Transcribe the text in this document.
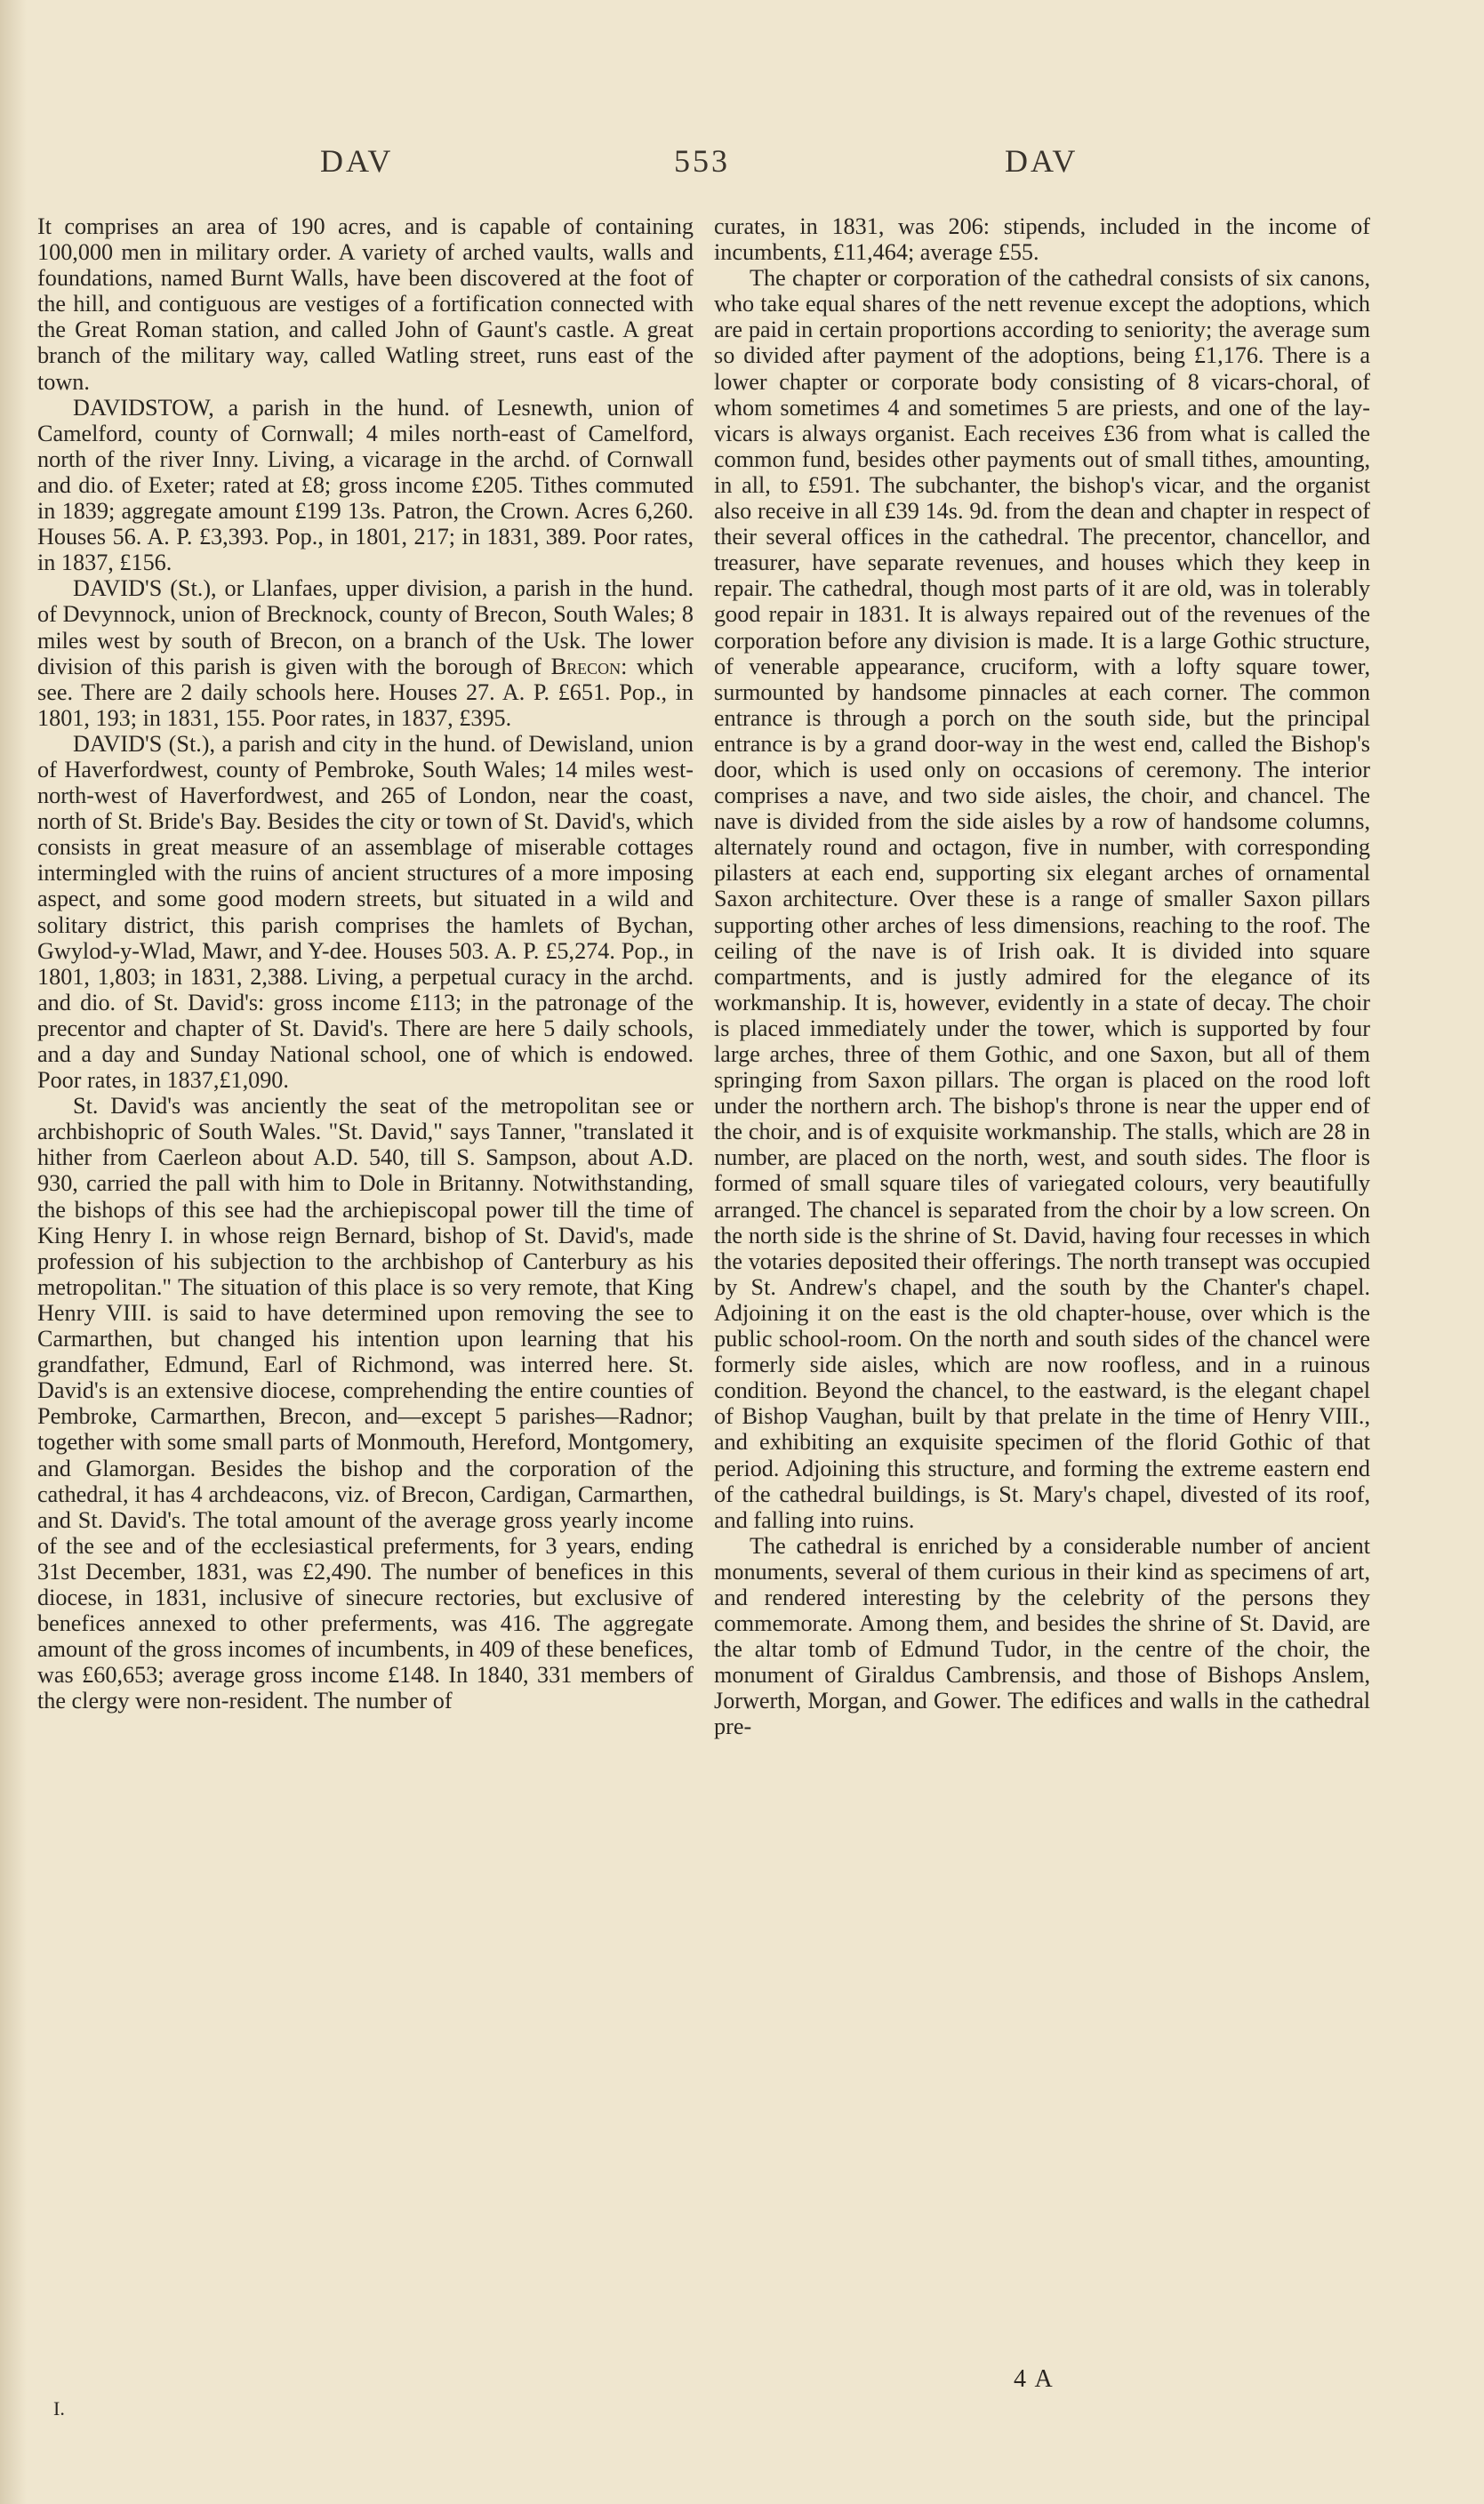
DAV	553	DAV

It comprises an area of 190 acres, and is capable of containing 100,000 men in military order. A variety of arched vaults, walls and foundations, named Burnt Walls, have been discovered at the foot of the hill, and contiguous are vestiges of a fortification connected with the Great Roman station, and called John of Gaunt's castle. A great branch of the military way, called Watling street, runs east of the town.

DAVIDSTOW, a parish in the hund. of Lesnewth, union of Camelford, county of Cornwall; 4 miles north-east of Camelford, north of the river Inny. Living, a vicarage in the archd. of Cornwall and dio. of Exeter; rated at £8; gross income £205. Tithes commuted in 1839; aggregate amount £199 13s. Patron, the Crown. Acres 6,260. Houses 56. A. P. £3,393. Pop., in 1801, 217; in 1831, 389. Poor rates, in 1837, £156.

DAVID'S (St.), or Llanfaes, upper division, a parish in the hund. of Devynnock, union of Brecknock, county of Brecon, South Wales; 8 miles west by south of Brecon, on a branch of the Usk. The lower division of this parish is given with the borough of Brecon: which see. There are 2 daily schools here. Houses 27. A. P. £651. Pop., in 1801, 193; in 1831, 155. Poor rates, in 1837, £395.

DAVID'S (St.), a parish and city in the hund. of Dewisland, union of Haverfordwest, county of Pembroke, South Wales; 14 miles west-north-west of Haverfordwest, and 265 of London, near the coast, north of St. Bride's Bay. Besides the city or town of St. David's, which consists in great measure of an assemblage of miserable cottages intermingled with the ruins of ancient structures of a more imposing aspect, and some good modern streets, but situated in a wild and solitary district, this parish comprises the hamlets of Bychan, Gwylod-y-Wlad, Mawr, and Y-dee. Houses 503. A. P. £5,274. Pop., in 1801, 1,803; in 1831, 2,388. Living, a perpetual curacy in the archd. and dio. of St. David's: gross income £113; in the patronage of the precentor and chapter of St. David's. There are here 5 daily schools, and a day and Sunday National school, one of which is endowed. Poor rates, in 1837,£1,090.

St. David's was anciently the seat of the metropolitan see or archbishopric of South Wales. "St. David," says Tanner, "translated it hither from Caerleon about A.D. 540, till S. Sampson, about A.D. 930, carried the pall with him to Dole in Britanny. Notwithstanding, the bishops of this see had the archiepiscopal power till the time of King Henry I. in whose reign Bernard, bishop of St. David's, made profession of his subjection to the archbishop of Canterbury as his metropolitan." The situation of this place is so very remote, that King Henry VIII. is said to have determined upon removing the see to Carmarthen, but changed his intention upon learning that his grandfather, Edmund, Earl of Richmond, was interred here. St. David's is an extensive diocese, comprehending the entire counties of Pembroke, Carmarthen, Brecon, and—except 5 parishes—Radnor; together with some small parts of Monmouth, Hereford, Montgomery, and Glamorgan. Besides the bishop and the corporation of the cathedral, it has 4 archdeacons, viz. of Brecon, Cardigan, Carmarthen, and St. David's. The total amount of the average gross yearly income of the see and of the ecclesiastical preferments, for 3 years, ending 31st December, 1831, was £2,490. The number of benefices in this diocese, in 1831, inclusive of sinecure rectories, but exclusive of benefices annexed to other preferments, was 416. The aggregate amount of the gross incomes of incumbents, in 409 of these benefices, was £60,653; average gross income £148. In 1840, 331 members of the clergy were non-resident. The number of

curates, in 1831, was 206: stipends, included in the income of incumbents, £11,464; average £55.

The chapter or corporation of the cathedral consists of six canons, who take equal shares of the nett revenue except the adoptions, which are paid in certain proportions according to seniority; the average sum so divided after payment of the adoptions, being £1,176. There is a lower chapter or corporate body consisting of 8 vicars-choral, of whom sometimes 4 and sometimes 5 are priests, and one of the lay-vicars is always organist. Each receives £36 from what is called the common fund, besides other payments out of small tithes, amounting, in all, to £591. The subchanter, the bishop's vicar, and the organist also receive in all £39 14s. 9d. from the dean and chapter in respect of their several offices in the cathedral. The precentor, chancellor, and treasurer, have separate revenues, and houses which they keep in repair. The cathedral, though most parts of it are old, was in tolerably good repair in 1831. It is always repaired out of the revenues of the corporation before any division is made. It is a large Gothic structure, of venerable appearance, cruciform, with a lofty square tower, surmounted by handsome pinnacles at each corner. The common entrance is through a porch on the south side, but the principal entrance is by a grand door-way in the west end, called the Bishop's door, which is used only on occasions of ceremony. The interior comprises a nave, and two side aisles, the choir, and chancel. The nave is divided from the side aisles by a row of handsome columns, alternately round and octagon, five in number, with corresponding pilasters at each end, supporting six elegant arches of ornamental Saxon architecture. Over these is a range of smaller Saxon pillars supporting other arches of less dimensions, reaching to the roof. The ceiling of the nave is of Irish oak. It is divided into square compartments, and is justly admired for the elegance of its workmanship. It is, however, evidently in a state of decay. The choir is placed immediately under the tower, which is supported by four large arches, three of them Gothic, and one Saxon, but all of them springing from Saxon pillars. The organ is placed on the rood loft under the northern arch. The bishop's throne is near the upper end of the choir, and is of exquisite workmanship. The stalls, which are 28 in number, are placed on the north, west, and south sides. The floor is formed of small square tiles of variegated colours, very beautifully arranged. The chancel is separated from the choir by a low screen. On the north side is the shrine of St. David, having four recesses in which the votaries deposited their offerings. The north transept was occupied by St. Andrew's chapel, and the south by the Chanter's chapel. Adjoining it on the east is the old chapter-house, over which is the public school-room. On the north and south sides of the chancel were formerly side aisles, which are now roofless, and in a ruinous condition. Beyond the chancel, to the eastward, is the elegant chapel of Bishop Vaughan, built by that prelate in the time of Henry VIII., and exhibiting an exquisite specimen of the florid Gothic of that period. Adjoining this structure, and forming the extreme eastern end of the cathedral buildings, is St. Mary's chapel, divested of its roof, and falling into ruins.

The cathedral is enriched by a considerable number of ancient monuments, several of them curious in their kind as specimens of art, and rendered interesting by the celebrity of the persons they commemorate. Among them, and besides the shrine of St. David, are the altar tomb of Edmund Tudor, in the centre of the choir, the monument of Giraldus Cambrensis, and those of Bishops Anslem, Jorwerth, Morgan, and Gower. The edifices and walls in the cathedral pre-

I.
4 A
